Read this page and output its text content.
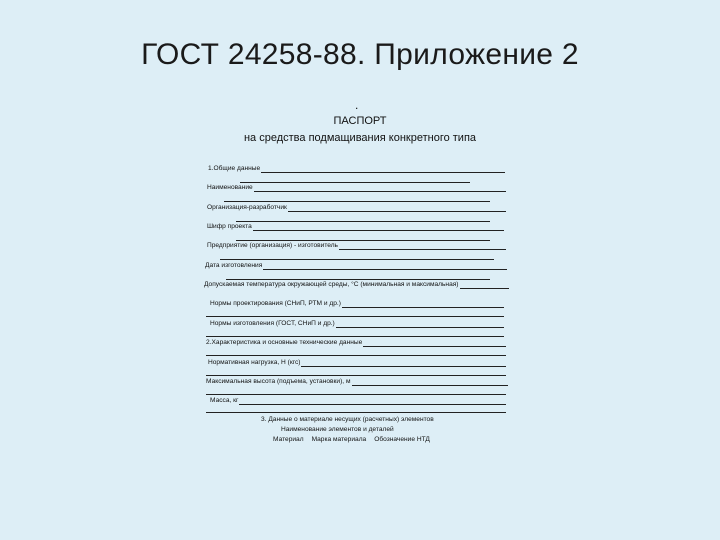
ГОСТ 24258-88. Приложение 2
.
ПАСПОРТ
на средства подмащивания конкретного типа
1.Общие данные
Наименование
Организация-разработчик
Шифр проекта
Предприятие (организация) - изготовитель
Дата изготовления
Допускаемая температура окружающей среды, °С (минимальная и максимальная)
Нормы проектирования (СНиП, РТМ и др.)
Нормы изготовления (ГОСТ, СНиП и др.)
2.Характеристика и основные технические данные
Нормативная нагрузка, Н (кгс)
Максимальная высота (подъема, установки), м
Масса, кг
3. Данные о материале несущих (расчетных) элементов
Наименование элементов и деталей
Материал Марка материала Обозначение НТД
